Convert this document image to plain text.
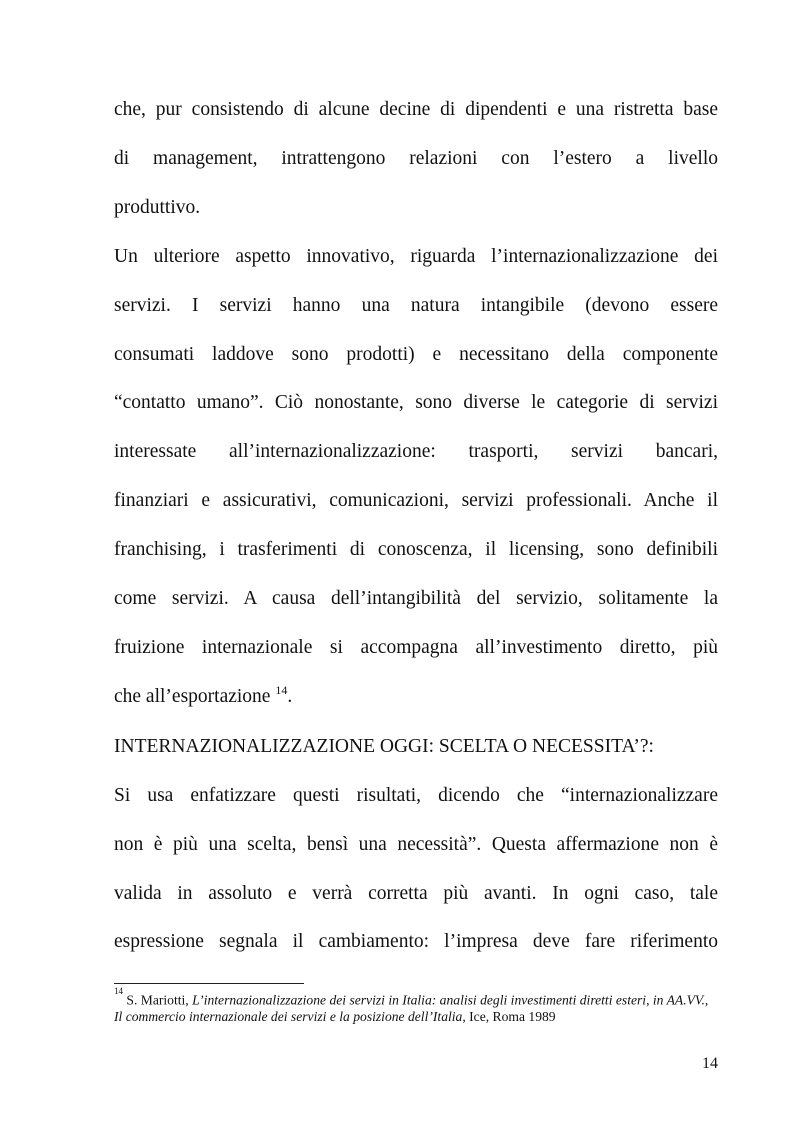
che, pur consistendo di alcune decine di dipendenti e una ristretta base

di management, intrattengono relazioni con l’estero a livello

produttivo.

Un ulteriore aspetto innovativo, riguarda l’internazionalizzazione dei

servizi. I servizi hanno una natura intangibile (devono essere

consumati laddove sono prodotti) e necessitano della componente

“contatto umano”. Ciò nonostante, sono diverse le categorie di servizi

interessate all’internazionalizzazione: trasporti, servizi bancari,

finanziari e assicurativi, comunicazioni, servizi professionali. Anche il

franchising, i trasferimenti di conoscenza, il licensing, sono definibili

come servizi. A causa dell’intangibilità del servizio, solitamente la

fruizione internazionale si accompagna all’investimento diretto, più

che all’esportazione $^{14}$.

INTERNAZIONALIZZAZIONE OGGI: SCELTA O NECESSITA’?:

Si usa enfatizzare questi risultati, dicendo che “internazionalizzare

non è più una scelta, bensì una necessità”. Questa affermazione non è

valida in assoluto e verrà corretta più avanti. In ogni caso, tale

espressione segnala il cambiamento: l’impresa deve fare riferimento

$^{14}$ S. Mariotti, L’internazionalizzazione dei servizi in Italia: analisi degli investimenti diretti esteri, in AA.VV., Il commercio internazionale dei servizi e la posizione dell’Italia, Ice, Roma 1989

14
